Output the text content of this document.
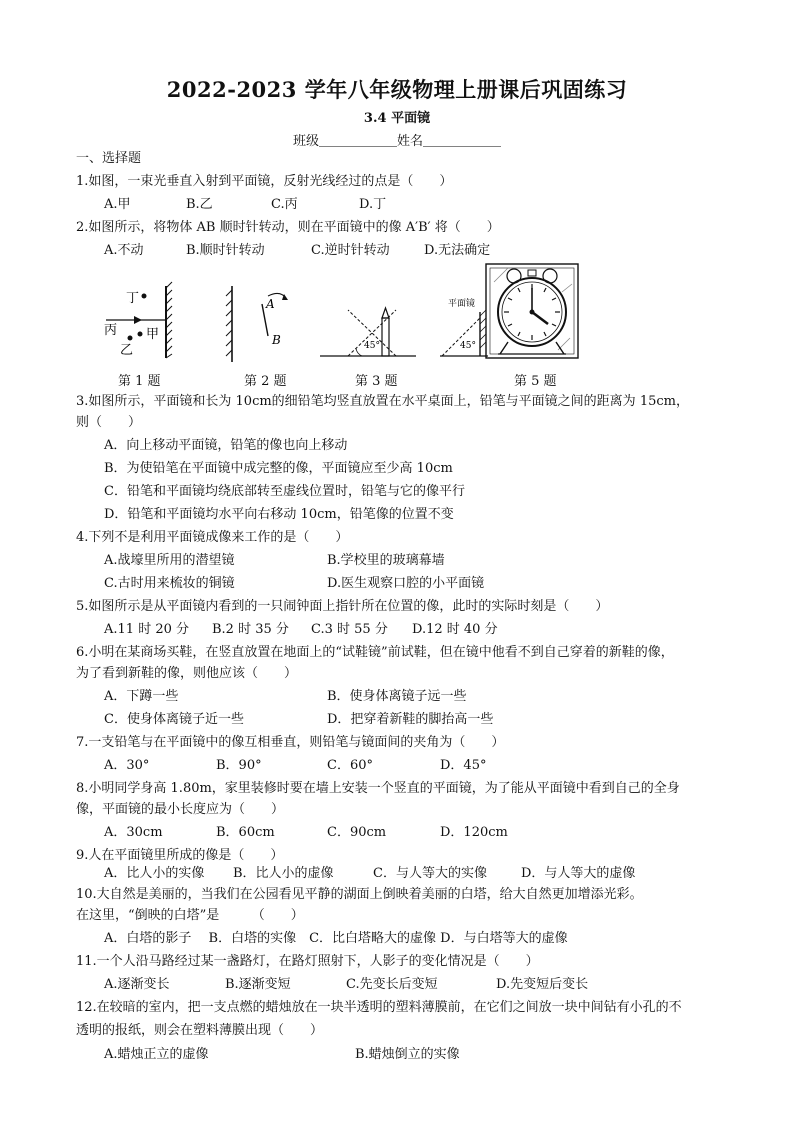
2022-2023 学年八年级物理上册课后巩固练习
3.4 平面镜
班级＿＿＿＿＿＿姓名＿＿＿＿＿＿
一、选择题
1.如图，一束光垂直入射到平面镜，反射光线经过的点是（　　）
A.甲	B.乙	C.丙	D.丁
2.如图所示，将物体 AB 顺时针转动，则在平面镜中的像 A′B′ 将（　　）
A.不动	B.顺时针转动	C.逆时针转动	D.无法确定
丁
丙 甲
乙
A
B	45°
平面镜
45°
第 1 题	第 2 题	第 3 题	第 5 题
3.如图所示，平面镜和长为 10cm的细铅笔均竖直放置在水平桌面上，铅笔与平面镜之间的距离为 15cm，
则（　　）
A．向上移动平面镜，铅笔的像也向上移动
B．为使铅笔在平面镜中成完整的像，平面镜应至少高 10cm
C．铅笔和平面镜均绕底部转至虚线位置时，铅笔与它的像平行
D．铅笔和平面镜均水平向右移动 10cm，铅笔像的位置不变
4.下列不是利用平面镜成像来工作的是（　　）
A.战壕里所用的潜望镜	B.学校里的玻璃幕墙
C.古时用来梳妆的铜镜	D.医生观察口腔的小平面镜
5.如图所示是从平面镜内看到的一只闹钟面上指针所在位置的像，此时的实际时刻是（　　）
A.11 时 20 分 B.2 时 35 分 C.3 时 55 分 D.12 时 40 分
6.小明在某商场买鞋，在竖直放置在地面上的“试鞋镜”前试鞋，但在镜中他看不到自己穿着的新鞋的像，
为了看到新鞋的像，则他应该（　　）
A．下蹲一些	B．使身体离镜子远一些
C．使身体离镜子近一些	D．把穿着新鞋的脚抬高一些
7.一支铅笔与在平面镜中的像互相垂直，则铅笔与镜面间的夹角为（　　）
A．30°	B．90°	C．60°	D．45°
8.小明同学身高 1.80m，家里装修时要在墙上安装一个竖直的平面镜，为了能从平面镜中看到自己的全身
像，平面镜的最小长度应为（　　）
A．30cm	B．60cm	C．90cm	D．120cm
9.人在平面镜里所成的像是（　　）
A．比人小的实像 B．比人小的虚像	C．与人等大的实像	D．与人等大的虚像
10.大自然是美丽的，当我们在公园看见平静的湖面上倒映着美丽的白塔，给大自然更加增添光彩。
在这里，“倒映的白塔”是　　　（　　）
A．白塔的影子　 B．白塔的实像　C．比白塔略大的虚像 D．与白塔等大的虚像
11.一个人沿马路经过某一盏路灯，在路灯照射下，人影子的变化情况是（　　）
A.逐渐变长	B.逐渐变短	C.先变长后变短	D.先变短后变长
12.在较暗的室内，把一支点燃的蜡烛放在一块半透明的塑料薄膜前，在它们之间放一块中间钻有小孔的不
透明的报纸，则会在塑料薄膜出现（　　）
A.蜡烛正立的虚像	B.蜡烛倒立的实像
